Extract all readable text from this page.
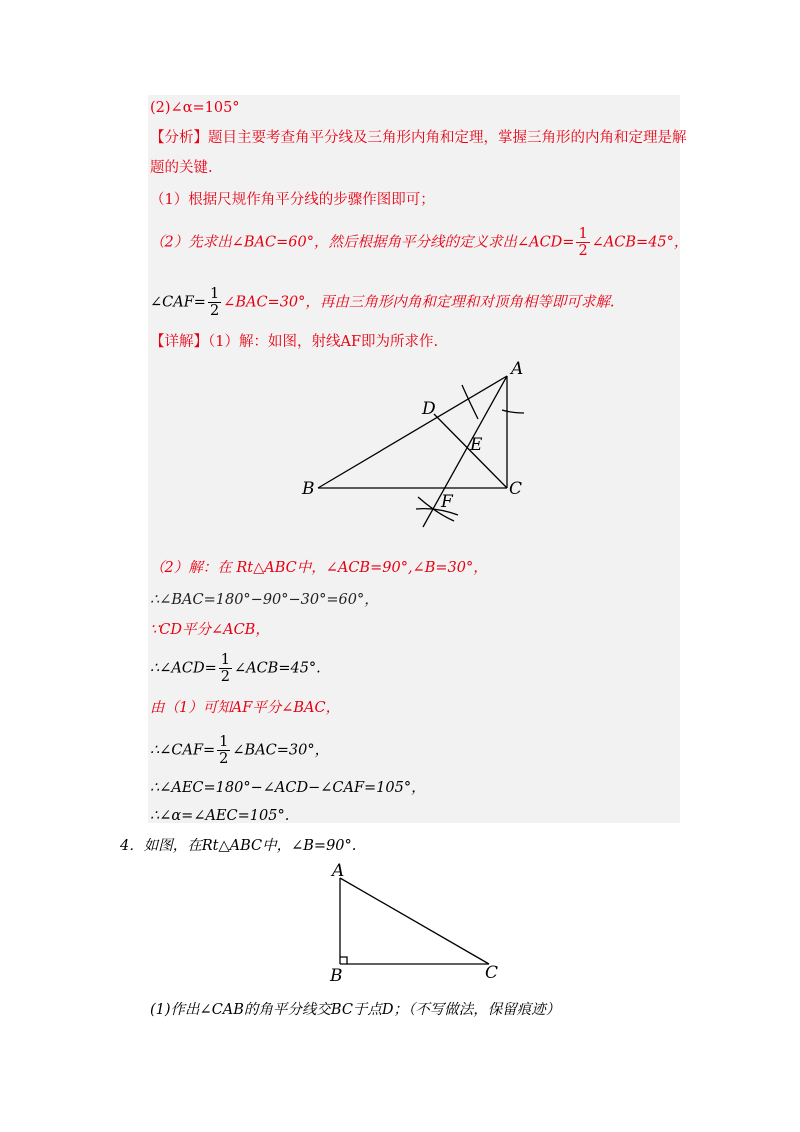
(2)∠α=105°
【分析】题目主要考查角平分线及三角形内角和定理，掌握三角形的内角和定理是解
题的关键.
（1）根据尺规作角平分线的步骤作图即可；
（2）先求出∠BAC=60°，然后根据角平分线的定义求出∠ACD= $\frac{1}{2}$ ∠ACB=45°，
∠CAF= $\frac{1}{2}$ ∠BAC=30°，再由三角形内角和定理和对顶角相等即可求解.
【详解】（1）解：如图，射线AF即为所求作.
A
B	C
D
E
F
（2）解：在 Rt△ABC中，∠ACB=90°,∠B=30°，
∴∠BAC=180°−90°−30°=60°，
∵CD平分∠ACB，
∴∠ACD= $\frac{1}{2}$ ∠ACB=45°.
由（1）可知AF平分∠BAC，
∴∠CAF= $\frac{1}{2}$ ∠BAC=30°，
∴∠AEC=180°−∠ACD−∠CAF=105°，
∴∠α=∠AEC=105°.
4．如图，在Rt△ABC中，∠B=90°.
A
B	C
(1)作出∠CAB的角平分线交BC于点D；（不写做法，保留痕迹）
